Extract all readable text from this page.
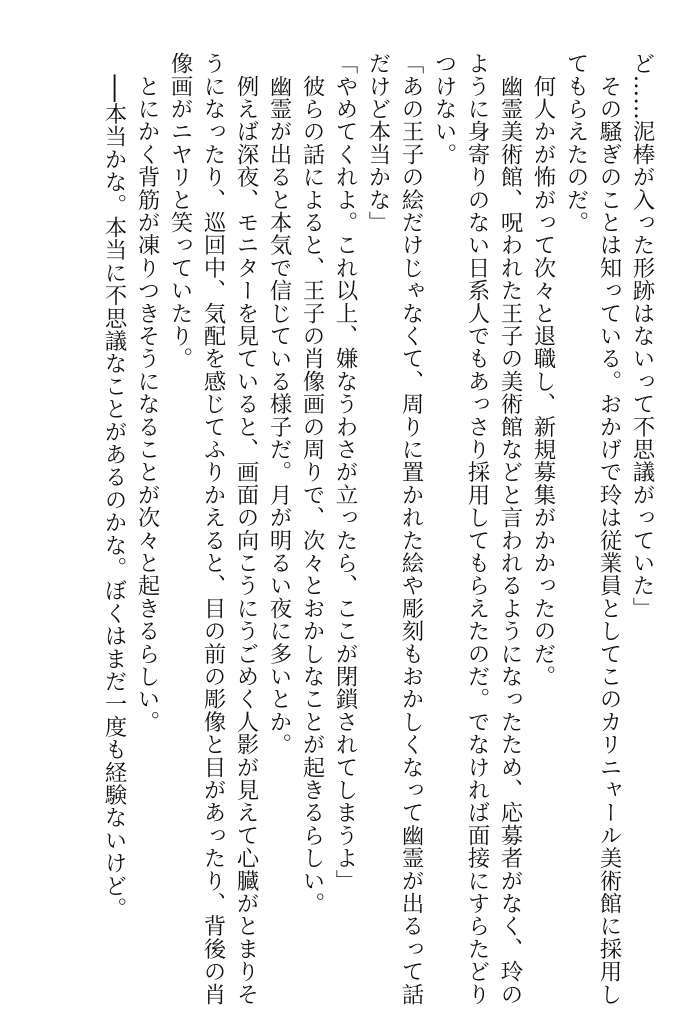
ど……泥棒が入った形跡はないって不思議がっていた」
　その騒ぎのことは知っている。おかげで玲は従業員としてこのカリニャール美術館に採用し
てもらえたのだ。
　何人かが怖がって次々と退職し、新規募集がかかったのだ。
　幽霊美術館、呪われた王子の美術館などと言われるようになったため、応募者がなく、玲の
ように身寄りのない日系人でもあっさり採用してもらえたのだ。でなければ面接にすらたどり
つけない。
「あの王子の絵だけじゃなくて、周りに置かれた絵や彫刻もおかしくなって幽霊が出るって話
だけど本当かな」
「やめてくれよ。これ以上、嫌なうわさが立ったら、ここが閉鎖されてしまうよ」
　彼らの話によると、王子の肖像画の周りで、次々とおかしなことが起きるらしい。
　幽霊が出ると本気で信じている様子だ。月が明るい夜に多いとか。
　例えば深夜、モニターを見ていると、画面の向こうにうごめく人影が見えて心臓がとまりそ
うになったり、巡回中、気配を感じてふりかえると、目の前の彫像と目があったり、背後の肖
像画がニヤリと笑っていたり。
　とにかく背筋が凍りつきそうになることが次々と起きるらしい。
　──本当かな。本当に不思議なことがあるのかな。ぼくはまだ一度も経験ないけど。
